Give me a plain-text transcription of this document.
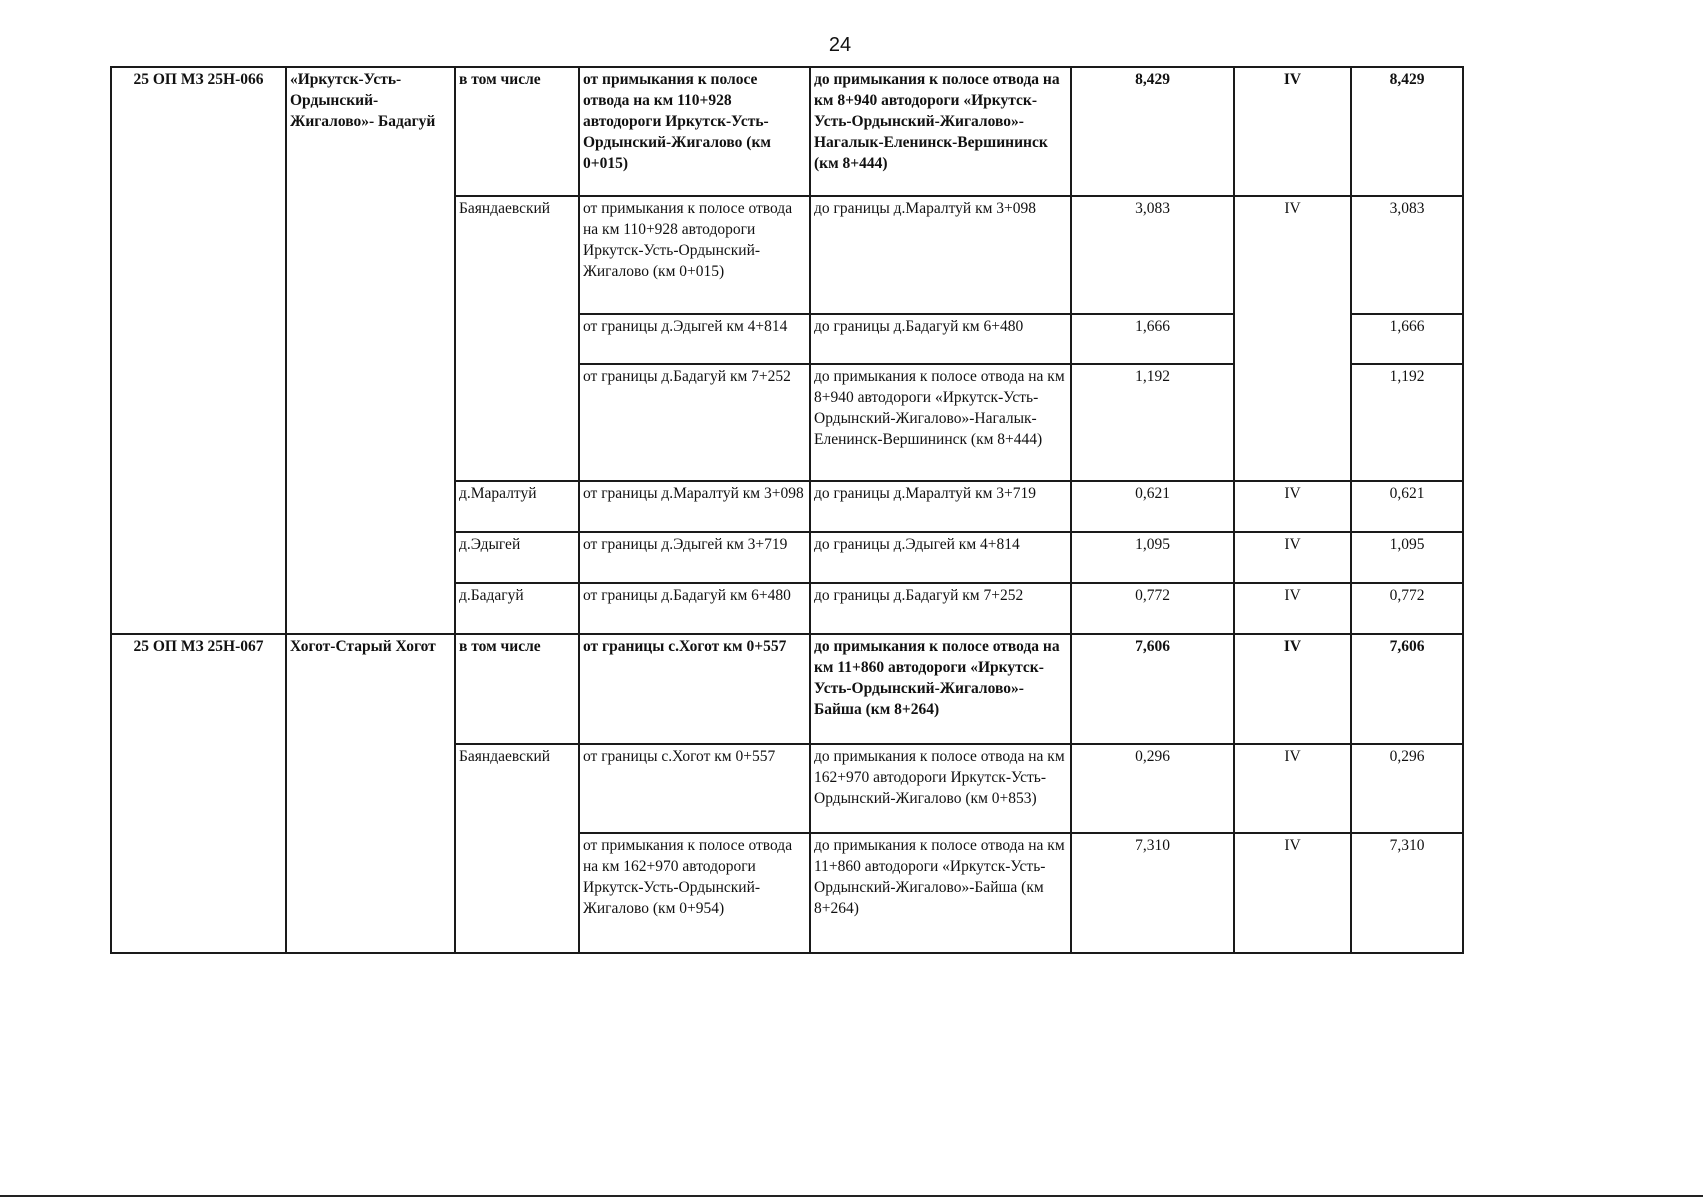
24
25 ОП МЗ 25Н-066	«Иркутск-Усть-Ордынский-Жигалово»- Бадагуй	в том числе	от примыкания к полосе отвода на км 110+928 автодороги Иркутск-Усть-Ордынский-Жигалово (км 0+015)	до примыкания к полосе отвода на км 8+940 автодороги «Иркутск-Усть-Ордынский-Жигалово»-Нагалык-Еленинск-Вершининск (км 8+444)	8,429	IV	8,429
		Баяндаевский	от примыкания к полосе отвода на км 110+928 автодороги Иркутск-Усть-Ордынский-Жигалово (км 0+015)	до границы д.Маралтуй км 3+098	3,083	IV	3,083
			от границы д.Эдыгей км 4+814	до границы д.Бадагуй км 6+480	1,666		1,666
			от границы д.Бадагуй км 7+252	до примыкания к полосе отвода на км 8+940 автодороги «Иркутск-Усть-Ордынский-Жигалово»-Нагалык-Еленинск-Вершининск (км 8+444)	1,192		1,192
		д.Маралтуй	от границы д.Маралтуй км 3+098	до границы д.Маралтуй км 3+719	0,621	IV	0,621
		д.Эдыгей	от границы д.Эдыгей км 3+719	до границы д.Эдыгей км 4+814	1,095	IV	1,095
		д.Бадагуй	от границы д.Бадагуй км 6+480	до границы д.Бадагуй км 7+252	0,772	IV	0,772
25 ОП МЗ 25Н-067	Хогот-Старый Хогот	в том числе	от границы с.Хогот км 0+557	до примыкания к полосе отвода на км 11+860 автодороги «Иркутск-Усть-Ордынский-Жигалово»-Байша (км 8+264)	7,606	IV	7,606
		Баяндаевский	от границы с.Хогот км 0+557	до примыкания к полосе отвода на км 162+970 автодороги Иркутск-Усть-Ордынский-Жигалово (км 0+853)	0,296	IV	0,296
			от примыкания к полосе отвода на км 162+970 автодороги Иркутск-Усть-Ордынский-Жигалово (км 0+954)	до примыкания к полосе отвода на км 11+860 автодороги «Иркутск-Усть-Ордынский-Жигалово»-Байша (км 8+264)	7,310	IV	7,310
